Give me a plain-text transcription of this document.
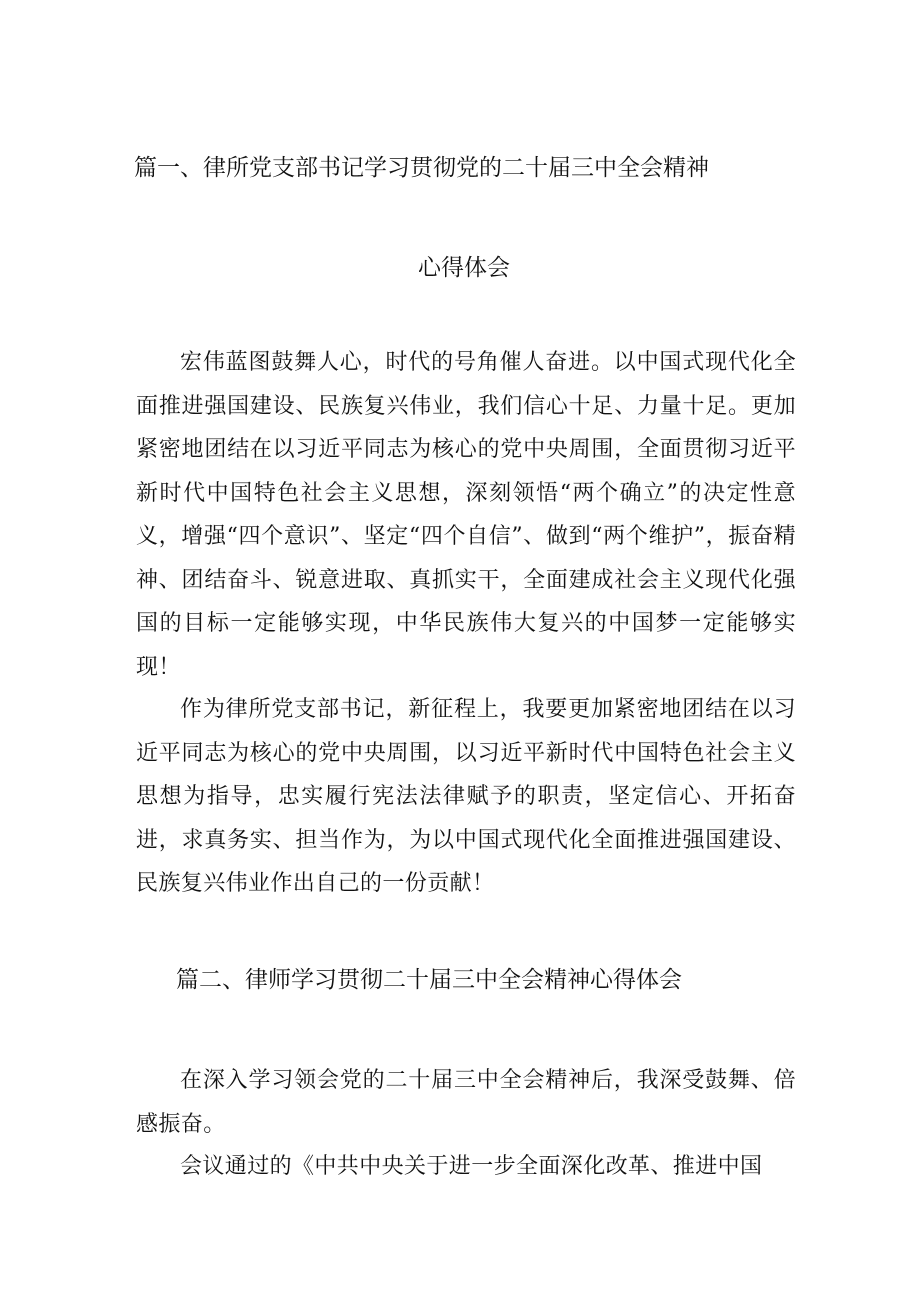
篇一、律所党支部书记学习贯彻党的二十届三中全会精神
心得体会

宏伟蓝图鼓舞人心，时代的号角催人奋进。以中国式现代化全面推进强国建设、民族复兴伟业，我们信心十足、力量十足。更加紧密地团结在以习近平同志为核心的党中央周围，全面贯彻习近平新时代中国特色社会主义思想，深刻领悟“两个确立”的决定性意义，增强“四个意识”、坚定“四个自信”、做到“两个维护”，振奋精神、团结奋斗、锐意进取、真抓实干，全面建成社会主义现代化强国的目标一定能够实现，中华民族伟大复兴的中国梦一定能够实现！

作为律所党支部书记，新征程上，我要更加紧密地团结在以习近平同志为核心的党中央周围，以习近平新时代中国特色社会主义思想为指导，忠实履行宪法法律赋予的职责，坚定信心、开拓奋进，求真务实、担当作为，为以中国式现代化全面推进强国建设、民族复兴伟业作出自己的一份贡献！

篇二、律师学习贯彻二十届三中全会精神心得体会

在深入学习领会党的二十届三中全会精神后，我深受鼓舞、倍感振奋。

会议通过的《中共中央关于进一步全面深化改革、推进中国
